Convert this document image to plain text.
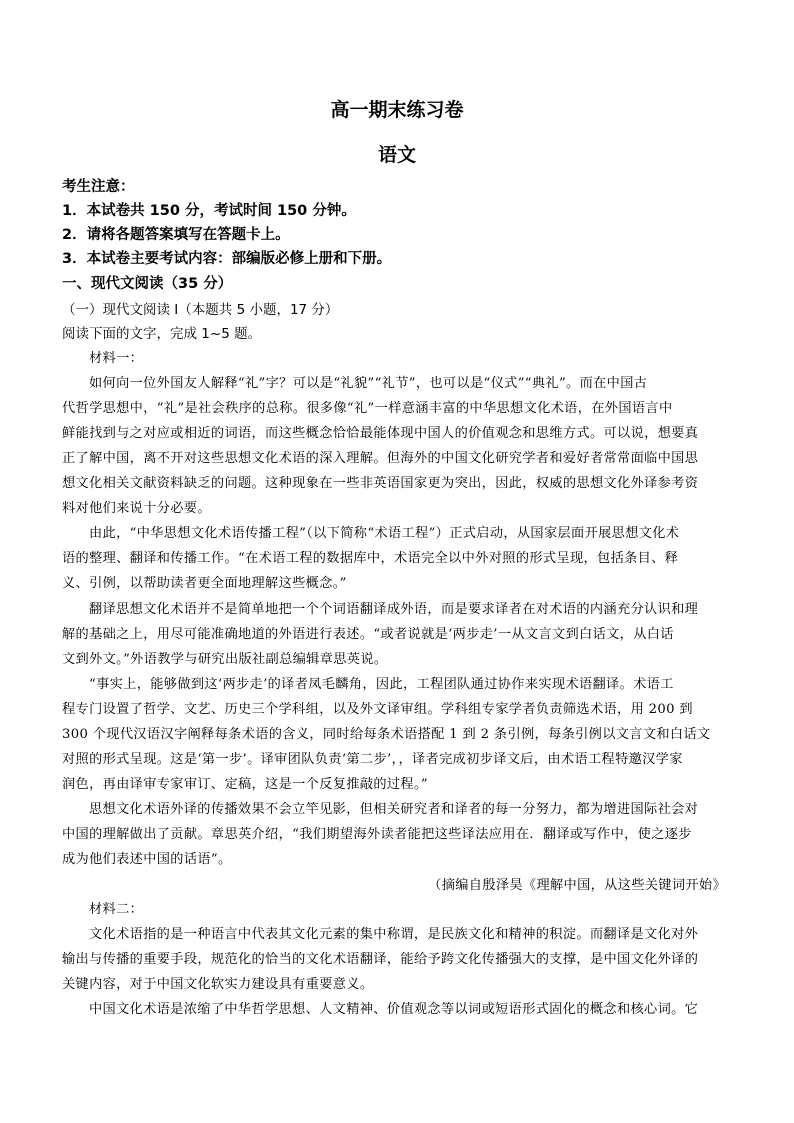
高一期末练习卷
语文
考生注意：
1．本试卷共 150 分，考试时间 150 分钟。
2．请将各题答案填写在答题卡上。
3．本试卷主要考试内容：部编版必修上册和下册。
一、现代文阅读（35 分）
（一）现代文阅读 I（本题共 5 小题，17 分）
阅读下面的文字，完成 1~5 题。
材料一：
如何向一位外国友人解释“礼”字？可以是“礼貌”“礼节”，也可以是“仪式”“典礼”。而在中国古
代哲学思想中，“礼”是社会秩序的总称。很多像“礼”一样意涵丰富的中华思想文化术语，在外国语言中
鲜能找到与之对应或相近的词语，而这些概念恰恰最能体现中国人的价值观念和思维方式。可以说，想要真
正了解中国，离不开对这些思想文化术语的深入理解。但海外的中国文化研究学者和爱好者常常面临中国思
想文化相关文献资料缺乏的问题。这种现象在一些非英语国家更为突出，因此，权威的思想文化外译参考资
料对他们来说十分必要。
由此，“中华思想文化术语传播工程”（以下简称“术语工程”）正式启动，从国家层面开展思想文化术
语的整理、翻译和传播工作。“在术语工程的数据库中，术语完全以中外对照的形式呈现，包括条目、释
义、引例，以帮助读者更全面地理解这些概念。”
翻译思想文化术语并不是简单地把一个个词语翻译成外语，而是要求译者在对术语的内涵充分认识和理
解的基础之上，用尽可能准确地道的外语进行表述。“或者说就是‘两步走’一从文言文到白话文，从白话
文到外文。”外语教学与研究出版社副总编辑章思英说。
“事实上，能够做到这‘两步走’的译者凤毛麟角，因此，工程团队通过协作来实现术语翻译。术语工
程专门设置了哲学、文艺、历史三个学科组，以及外文译审组。学科组专家学者负责筛选术语，用 200 到
300 个现代汉语汉字阐释每条术语的含义，同时给每条术语搭配 1 到 2 条引例，每条引例以文言文和白话文
对照的形式呈现。这是‘第一步’。译审团队负责‘第二步’，，译者完成初步译文后，由术语工程特邀汉学家
润色，再由译审专家审订、定稿，这是一个反复推敲的过程。”
思想文化术语外译的传播效果不会立竿见影，但相关研究者和译者的每一分努力，都为增进国际社会对
中国的理解做出了贡献。章思英介绍，“我们期望海外读者能把这些译法应用在．翻译或写作中，使之逐步
成为他们表述中国的话语”。
（摘编自殷泽昊《理解中国，从这些关键词开始》
材料二：
文化术语指的是一种语言中代表其文化元素的集中称谓，是民族文化和精神的积淀。而翻译是文化对外
输出与传播的重要手段，规范化的恰当的文化术语翻译，能给予跨文化传播强大的支撑，是中国文化外译的
关键内容，对于中国文化软实力建设具有重要意义。
中国文化术语是浓缩了中华哲学思想、人文精神、价值观念等以词或短语形式固化的概念和核心词。它
